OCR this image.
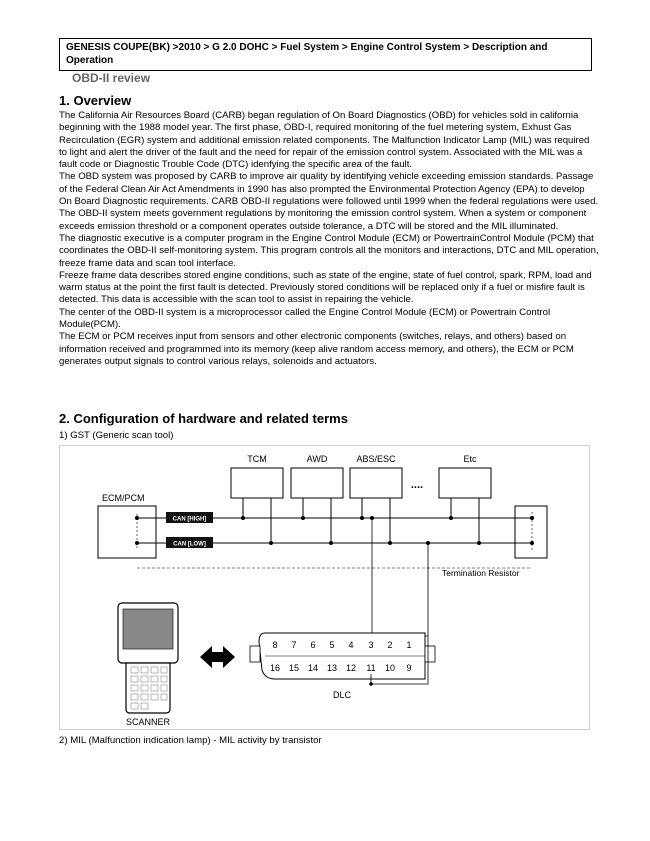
GENESIS COUPE(BK) >2010 > G 2.0 DOHC > Fuel System > Engine Control System > Description and Operation
OBD-II review
1. Overview

The California Air Resources Board (CARB) began regulation of On Board Diagnostics (OBD) for vehicles sold in california beginning with the 1988 model year. The first phase, OBD-I, required monitoring of the fuel metering system, Exhust Gas Recirculation (EGR) system and additional emission related components. The Malfunction Indicator Lamp (MIL) was required to light and alert the driver of the fault and the need for repair of the emission control system. Associated with the MIL was a fault code or Diagnostic Trouble Code (DTC) idenfying the specific area of the fault.

The OBD system was proposed by CARB to improve air quality by identifying vehicle exceeding emission standards. Passage of the Federal Clean Air Act Amendments in 1990 has also prompted the Environmental Protection Agency (EPA) to develop On Board Diagnostic requirements. CARB OBD-II regulations were followed until 1999 when the federal regulations were used.

The OBD-II system meets government regulations by monitoring the emission control system. When a system or component exceeds emission threshold or a component operates outside tolerance, a DTC will be stored and the MIL illuminated.

The diagnostic executive is a computer program in the Engine Control Module (ECM) or PowertrainControl Module (PCM) that coordinates the OBD-II self-monitoring system. This program controls all the monitors and interactions, DTC and MIL operation, freeze frame data and scan tool interface.

Freeze frame data describes stored engine conditions, such as state of the engine, state of fuel control, spark, RPM, load and warm status at the point the first fault is detected. Previously stored conditions will be replaced only if a fuel or misfire fault is detected. This data is accessible with the scan tool to assist in repairing the vehicle.

The center of the OBD-II system is a microprocessor called the Engine Control Module (ECM) or Powertrain Control Module(PCM).

The ECM or PCM receives input from sensors and other electronic components (switches, relays, and others) based on information received and programmed into its memory (keep alive random access memory, and others), the ECM or PCM generates output signals to control various relays, solenoids and actuators.

2. Configuration of hardware and related terms
1) GST (Generic scan tool)
TCM	AWD	ABS/ESC	Etc
....
ECM/PCM
CAN [HIGH]
CAN [LOW]
Termination Resistor
8 7 6 5 4 3 2 1
16 15 14 13 12 11 10 9
DLC
SCANNER
2) MIL (Malfunction indication lamp) - MIL activity by transistor
